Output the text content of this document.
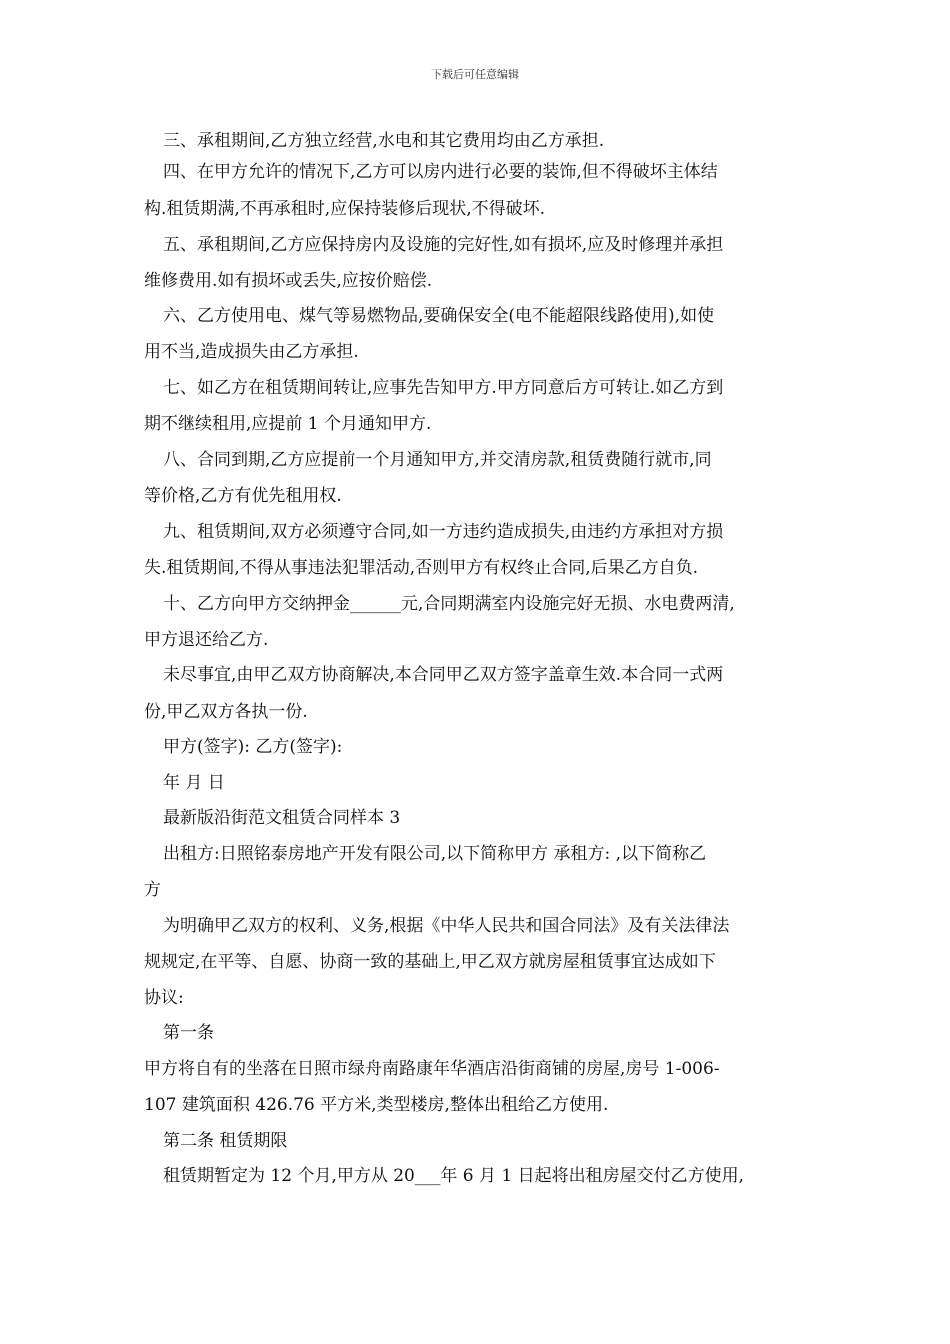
下载后可任意编辑
三、承租期间,乙方独立经营,水电和其它费用均由乙方承担.
四、在甲方允许的情况下,乙方可以房内进行必要的装饰,但不得破坏主体结
构.租赁期满,不再承租时,应保持装修后现状,不得破坏.
五、承租期间,乙方应保持房内及设施的完好性,如有损坏,应及时修理并承担
维修费用.如有损坏或丢失,应按价赔偿.
六、乙方使用电、煤气等易燃物品,要确保安全(电不能超限线路使用),如使
用不当,造成损失由乙方承担.
七、如乙方在租赁期间转让,应事先告知甲方.甲方同意后方可转让.如乙方到
期不继续租用,应提前 1 个月通知甲方.
八、合同到期,乙方应提前一个月通知甲方,并交清房款,租赁费随行就市,同
等价格,乙方有优先租用权.
九、租赁期间,双方必须遵守合同,如一方违约造成损失,由违约方承担对方损
失.租赁期间,不得从事违法犯罪活动,否则甲方有权终止合同,后果乙方自负.
十、乙方向甲方交纳押金______元,合同期满室内设施完好无损、水电费两清,
甲方退还给乙方.
未尽事宜,由甲乙双方协商解决,本合同甲乙双方签字盖章生效.本合同一式两
份,甲乙双方各执一份.
甲方(签字): 乙方(签字):
年 月 日
最新版沿街范文租赁合同样本 3
出租方:日照铭泰房地产开发有限公司,以下简称甲方 承租方: ,以下简称乙
方
为明确甲乙双方的权利、义务,根据《中华人民共和国合同法》及有关法律法
规规定,在平等、自愿、协商一致的基础上,甲乙双方就房屋租赁事宜达成如下
协议:
第一条
甲方将自有的坐落在日照市绿舟南路康年华酒店沿街商铺的房屋,房号 1-006-
107 建筑面积 426.76 平方米,类型楼房,整体出租给乙方使用.
第二条 租赁期限
租赁期暂定为 12 个月,甲方从 20___年 6 月 1 日起将出租房屋交付乙方使用,
